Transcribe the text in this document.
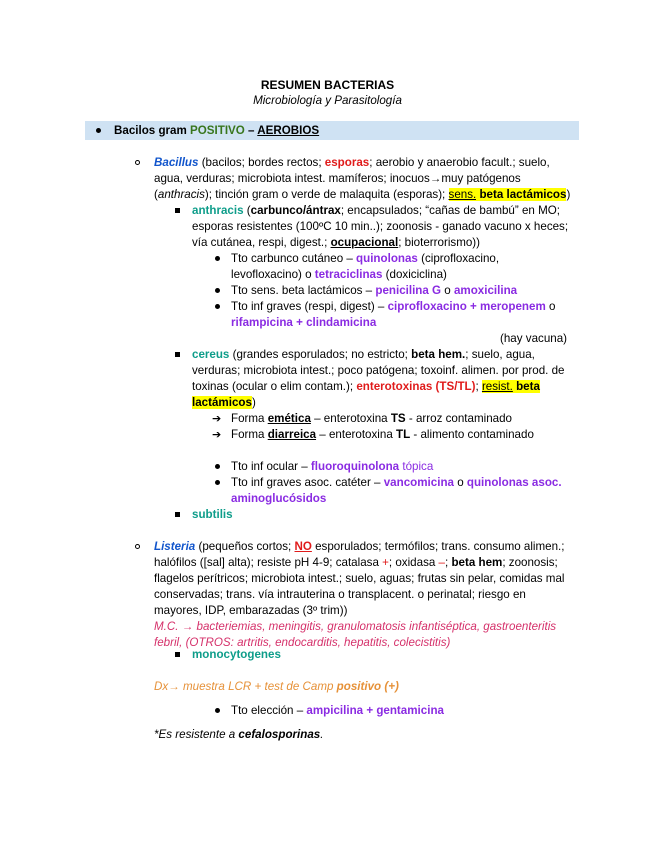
RESUMEN BACTERIAS
Microbiología y Parasitología
Bacilos gram POSITIVO – AEROBIOS
Bacillus (bacilos; bordes rectos; esporas; aerobio y anaerobio facult.; suelo,
agua, verduras; microbiota intest. mamíferos; inocuos→muy patógenos
(anthracis); tinción gram o verde de malaquita (esporas); sens. beta lactámicos)
anthracis (carbunco/ántrax; encapsulados; “cañas de bambú” en MO;
esporas resistentes (100ºC 10 min..); zoonosis - ganado vacuno x heces;
vía cutánea, respi, digest.; ocupacional; bioterrorismo))
Tto carbunco cutáneo – quinolonas (ciprofloxacino,
levofloxacino) o tetraciclinas (doxiciclina)
Tto sens. beta lactámicos – penicilina G o amoxicilina
Tto inf graves (respi, digest) – ciprofloxacino + meropenem o
rifampicina + clindamicina
(hay vacuna)
cereus (grandes esporulados; no estricto; beta hem.; suelo, agua,
verduras; microbiota intest.; poco patógena; toxoinf. alimen. por prod. de
toxinas (ocular o elim contam.); enterotoxinas (TS/TL); resist. beta
lactámicos)
➔ Forma emética – enterotoxina TS - arroz contaminado
➔ Forma diarreica – enterotoxina TL - alimento contaminado
Tto inf ocular – fluoroquinolona tópica
Tto inf graves asoc. catéter – vancomicina o quinolonas asoc.
aminoglucósidos
subtilis
Listeria (pequeños cortos; NO esporulados; termófilos; trans. consumo alimen.;
halófilos ([sal] alta); resiste pH 4-9; catalasa +; oxidasa –; beta hem; zoonosis;
flagelos perítricos; microbiota intest.; suelo, aguas; frutas sin pelar, comidas mal
conservadas; trans. vía intrauterina o transplacent. o perinatal; riesgo en
mayores, IDP, embarazadas (3º trim))
M.C. → bacteriemias, meningitis, granulomatosis infantiséptica, gastroenteritis
febril, (OTROS: artritis, endocarditis, hepatitis, colecistitis)
monocytogenes
Dx→ muestra LCR + test de Camp positivo (+)
Tto elección – ampicilina + gentamicina
*Es resistente a cefalosporinas.
